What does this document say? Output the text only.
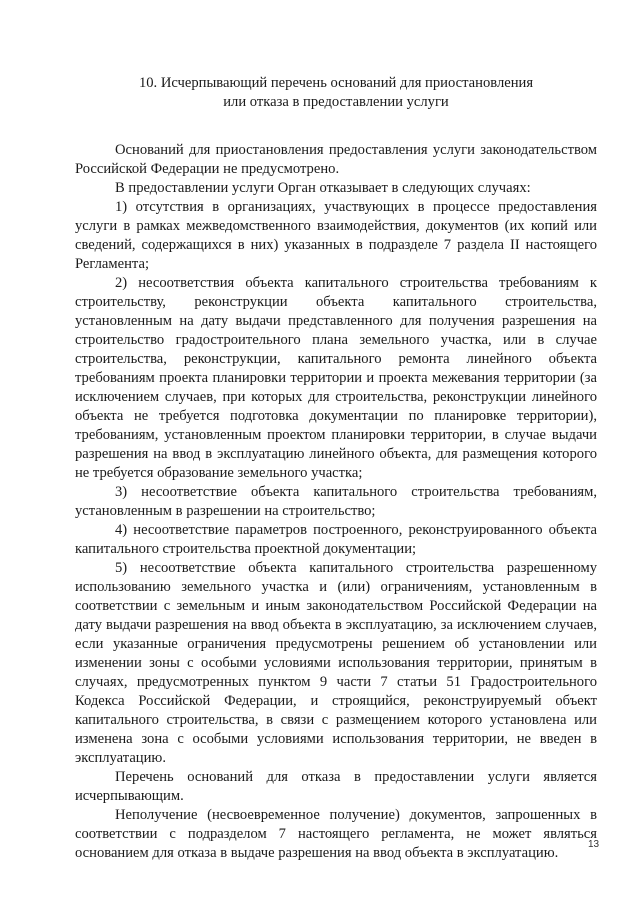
10. Исчерпывающий перечень оснований для приостановления
или отказа в предоставлении услуги

Оснований для приостановления предоставления услуги законодательством Российской Федерации не предусмотрено.

В предоставлении услуги Орган отказывает в следующих случаях:

1) отсутствия в организациях, участвующих в процессе предоставления услуги в рамках межведомственного взаимодействия, документов (их копий или сведений, содержащихся в них) указанных в подразделе 7 раздела II настоящего Регламента;

2) несоответствия объекта капитального строительства требованиям к строительству, реконструкции объекта капитального строительства, установленным на дату выдачи представленного для получения разрешения на строительство градостроительного плана земельного участка, или в случае строительства, реконструкции, капитального ремонта линейного объекта требованиям проекта планировки территории и проекта межевания территории (за исключением случаев, при которых для строительства, реконструкции линейного объекта не требуется подготовка документации по планировке территории), требованиям, установленным проектом планировки территории, в случае выдачи разрешения на ввод в эксплуатацию линейного объекта, для размещения которого не требуется образование земельного участка;

3) несоответствие объекта капитального строительства требованиям, установленным в разрешении на строительство;

4) несоответствие параметров построенного, реконструированного объекта капитального строительства проектной документации;

5) несоответствие объекта капитального строительства разрешенному использованию земельного участка и (или) ограничениям, установленным в соответствии с земельным и иным законодательством Российской Федерации на дату выдачи разрешения на ввод объекта в эксплуатацию, за исключением случаев, если указанные ограничения предусмотрены решением об установлении или изменении зоны с особыми условиями использования территории, принятым в случаях, предусмотренных пунктом 9 части 7 статьи 51 Градостроительного Кодекса Российской Федерации, и строящийся, реконструируемый объект капитального строительства, в связи с размещением которого установлена или изменена зона с особыми условиями использования территории, не введен в эксплуатацию.

Перечень оснований для отказа в предоставлении услуги является исчерпывающим.

Неполучение (несвоевременное получение) документов, запрошенных в соответствии с подразделом 7 настоящего регламента, не может являться основанием для отказа в выдаче разрешения на ввод объекта в эксплуатацию.

13
